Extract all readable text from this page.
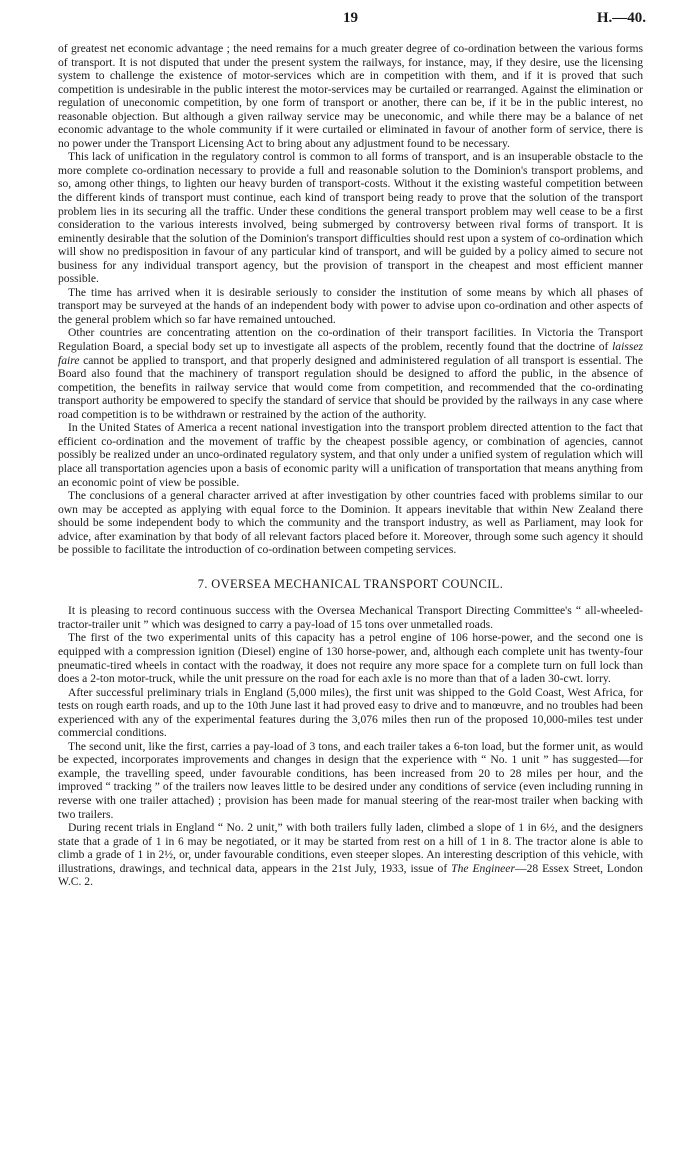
19	H.—40.

of greatest net economic advantage ; the need remains for a much greater degree of co-ordination between the various forms of transport. It is not disputed that under the present system the railways, for instance, may, if they desire, use the licensing system to challenge the existence of motor-services which are in competition with them, and if it is proved that such competition is undesirable in the public interest the motor-services may be curtailed or rearranged. Against the elimination or regulation of uneconomic competition, by one form of transport or another, there can be, if it be in the public interest, no reasonable objection. But although a given railway service may be uneconomic, and while there may be a balance of net economic advantage to the whole community if it were curtailed or eliminated in favour of another form of service, there is no power under the Transport Licensing Act to bring about any adjustment found to be necessary.

This lack of unification in the regulatory control is common to all forms of transport, and is an insuperable obstacle to the more complete co-ordination necessary to provide a full and reasonable solution to the Dominion's transport problems, and so, among other things, to lighten our heavy burden of transport-costs. Without it the existing wasteful competition between the different kinds of transport must continue, each kind of transport being ready to prove that the solution of the transport problem lies in its securing all the traffic. Under these conditions the general transport problem may well cease to be a first consideration to the various interests involved, being submerged by controversy between rival forms of transport. It is eminently desirable that the solution of the Dominion's transport difficulties should rest upon a system of co-ordination which will show no predisposition in favour of any particular kind of transport, and will be guided by a policy aimed to secure not business for any individual transport agency, but the provision of transport in the cheapest and most efficient manner possible.

The time has arrived when it is desirable seriously to consider the institution of some means by which all phases of transport may be surveyed at the hands of an independent body with power to advise upon co-ordination and other aspects of the general problem which so far have remained untouched.

Other countries are concentrating attention on the co-ordination of their transport facilities. In Victoria the Transport Regulation Board, a special body set up to investigate all aspects of the problem, recently found that the doctrine of laissez faire cannot be applied to transport, and that properly designed and administered regulation of all transport is essential. The Board also found that the machinery of transport regulation should be designed to afford the public, in the absence of competition, the benefits in railway service that would come from competition, and recommended that the co-ordinating transport authority be empowered to specify the standard of service that should be provided by the railways in any case where road competition is to be withdrawn or restrained by the action of the authority.

In the United States of America a recent national investigation into the transport problem directed attention to the fact that efficient co-ordination and the movement of traffic by the cheapest possible agency, or combination of agencies, cannot possibly be realized under an unco-ordinated regulatory system, and that only under a unified system of regulation which will place all transportation agencies upon a basis of economic parity will a unification of transportation that means anything from an economic point of view be possible.

The conclusions of a general character arrived at after investigation by other countries faced with problems similar to our own may be accepted as applying with equal force to the Dominion. It appears inevitable that within New Zealand there should be some independent body to which the community and the transport industry, as well as Parliament, may look for advice, after examination by that body of all relevant factors placed before it. Moreover, through some such agency it should be possible to facilitate the introduction of co-ordination between competing services.

7. OVERSEA MECHANICAL TRANSPORT COUNCIL.

It is pleasing to record continuous success with the Oversea Mechanical Transport Directing Committee's “ all-wheeled-tractor-trailer unit ” which was designed to carry a pay-load of 15 tons over unmetalled roads.

The first of the two experimental units of this capacity has a petrol engine of 106 horse-power, and the second one is equipped with a compression ignition (Diesel) engine of 130 horse-power, and, although each complete unit has twenty-four pneumatic-tired wheels in contact with the roadway, it does not require any more space for a complete turn on full lock than does a 2-ton motor-truck, while the unit pressure on the road for each axle is no more than that of a laden 30-cwt. lorry.

After successful preliminary trials in England (5,000 miles), the first unit was shipped to the Gold Coast, West Africa, for tests on rough earth roads, and up to the 10th June last it had proved easy to drive and to manœuvre, and no troubles had been experienced with any of the experimental features during the 3,076 miles then run of the proposed 10,000-miles test under commercial conditions.

The second unit, like the first, carries a pay-load of 3 tons, and each trailer takes a 6-ton load, but the former unit, as would be expected, incorporates improvements and changes in design that the experience with “ No. 1 unit ” has suggested—for example, the travelling speed, under favourable conditions, has been increased from 20 to 28 miles per hour, and the improved “ tracking ” of the trailers now leaves little to be desired under any conditions of service (even including running in reverse with one trailer attached) ; provision has been made for manual steering of the rear-most trailer when backing with two trailers.

During recent trials in England “ No. 2 unit,” with both trailers fully laden, climbed a slope of 1 in 6½, and the designers state that a grade of 1 in 6 may be negotiated, or it may be started from rest on a hill of 1 in 8. The tractor alone is able to climb a grade of 1 in 2½, or, under favourable conditions, even steeper slopes. An interesting description of this vehicle, with illustrations, drawings, and technical data, appears in the 21st July, 1933, issue of The Engineer—28 Essex Street, London W.C. 2.
